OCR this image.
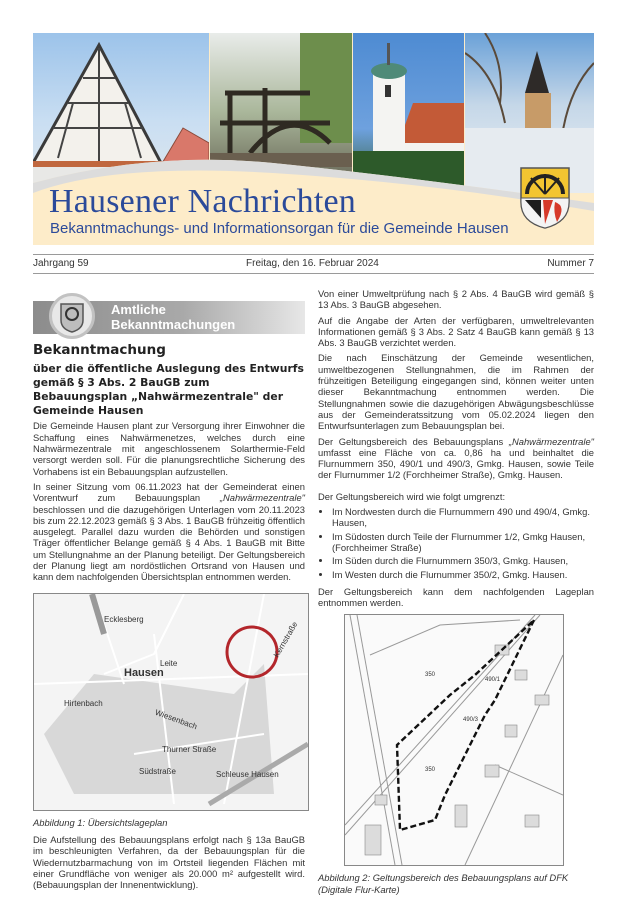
Hausener Nachrichten
Bekanntmachungs- und Informationsorgan für die Gemeinde Hausen
Jahrgang 59	Freitag, den 16. Februar 2024	Nummer 7
Amtliche
Bekanntmachungen
Bekanntmachung
über die öffentliche Auslegung des Entwurfs gemäß § 3 Abs. 2 BauGB zum Bebauungsplan „Nahwärmezentrale" der Gemeinde Hausen

Die Gemeinde Hausen plant zur Versorgung ihrer Einwohner die Schaffung eines Nahwärmenetzes, welches durch eine Nahwärmezentrale mit angeschlossenem Solarthermie-Feld versorgt werden soll. Für die planungsrechtliche Sicherung des Vorhabens ist ein Bebauungsplan aufzustellen.

In seiner Sitzung vom 06.11.2023 hat der Gemeinderat einen Vorentwurf zum Bebauungsplan „Nahwärmezentrale" beschlossen und die dazugehörigen Unterlagen vom 20.11.2023 bis zum 22.12.2023 gemäß § 3 Abs. 1 BauGB frühzeitig öffentlich ausgelegt. Parallel dazu wurden die Behörden und sonstigen Träger öffentlicher Belange gemäß § 4 Abs. 1 BauGB mit Bitte um Stellungnahme an der Planung beteiligt. Der Geltungsbereich der Planung liegt am nordöstlichen Ortsrand von Hausen und kann dem nachfolgenden Übersichtsplan entnommen werden.

Ecklesberg
Leite
Hausen
Hirtenbach
Wiesenbach
Thurner Straße
Südstraße	Schleuse Hausen
Kernstraße
Abbildung 1: Übersichtslageplan

Die Aufstellung des Bebauungsplans erfolgt nach § 13a BauGB im beschleunigten Verfahren, da der Bebauungsplan für die Wiedernutzbarmachung von im Ortsteil liegenden Flächen mit einer Grundfläche von weniger als 20.000 m² aufgestellt wird. (Bebauungsplan der Innenentwicklung).

Von einer Umweltprüfung nach § 2 Abs. 4 BauGB wird gemäß § 13 Abs. 3 BauGB abgesehen.

Auf die Angabe der Arten der verfügbaren, umweltrelevanten Informationen gemäß § 3 Abs. 2 Satz 4 BauGB kann gemäß § 13 Abs. 3 BauGB verzichtet werden.

Die nach Einschätzung der Gemeinde wesentlichen, umweltbezogenen Stellungnahmen, die im Rahmen der frühzeitigen Beteiligung eingegangen sind, können weiter unten dieser Bekanntmachung entnommen werden. Die Stellungnahmen sowie die dazugehörigen Abwägungsbeschlüsse aus der Gemeinderatssitzung vom 05.02.2024 liegen den Entwurfsunterlagen zum Bebauungsplan bei.

Der Geltungsbereich des Bebauungsplans „Nahwärmezentrale" umfasst eine Fläche von ca. 0,86 ha und beinhaltet die Flurnummern 350, 490/1 und 490/3, Gmkg. Hausen, sowie Teile der Flurnummer 1/2 (Forchheimer Straße), Gmkg. Hausen.

Der Geltungsbereich wird wie folgt umgrenzt:

• Im Nordwesten durch die Flurnummern 490 und 490/4, Gmkg. Hausen,
• Im Südosten durch Teile der Flurnummer 1/2, Gmkg Hausen, (Forchheimer Straße)
• Im Süden durch die Flurnummern 350/3, Gmkg. Hausen,
• Im Westen durch die Flurnummer 350/2, Gmkg. Hausen.

Der Geltungsbereich kann dem nachfolgenden Lageplan entnommen werden.

350
490/1
490/3
350
Abbildung 2: Geltungsbereich des Bebauungsplans auf DFK (Digitale Flur-Karte)
